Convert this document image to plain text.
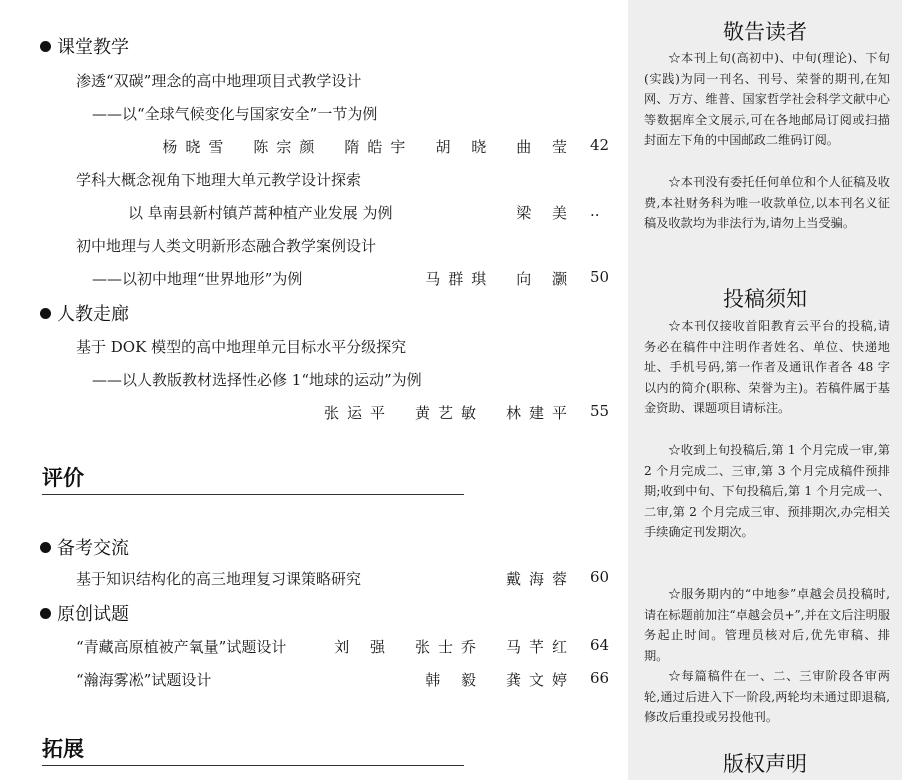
课堂教学
渗透“双碳”理念的高中地理项目式教学设计
——以“全球气候变化与国家安全”一节为例
杨晓雪 陈宗颜 隋皓宇 胡 晓 曲 莹 42
学科大概念视角下地理大单元教学设计探索
以 阜南县新村镇芦蒿种植产业发展 为例	梁 美 ..
初中地理与人类文明新形态融合教学案例设计
——以初中地理“世界地形”为例	马群琪 向 灏 50
人教走廊
基于 DOK 模型的高中地理单元目标水平分级探究
——以人教版教材选择性必修 1“地球的运动”为例
张运平 黄艺敏 林建平 55
评价
备考交流
基于知识结构化的高三地理复习课策略研究	戴海蓉 60
原创试题
“青藏高原植被产氧量”试题设计	刘 强 张士乔 马芊红 64
“瀚海雾凇”试题设计	韩 毅 龚文婷 66
拓展
敬告读者
☆本刊上旬(高初中)、中旬(理论)、下旬(实践)为同一刊名、刊号、荣誉的期刊,在知网、万方、维普、国家哲学社会科学文献中心等数据库全文展示,可在各地邮局订阅或扫描封面左下角的中国邮政二维码订阅。
☆本刊没有委托任何单位和个人征稿及收费,本社财务科为唯一收款单位,以本刊名义征稿及收款均为非法行为,请勿上当受骗。
投稿须知
☆本刊仅接收首阳教育云平台的投稿,请务必在稿件中注明作者姓名、单位、快递地址、手机号码,第一作者及通讯作者各 48 字以内的简介(职称、荣誉为主)。若稿件属于基金资助、课题项目请标注。
☆收到上旬投稿后,第 1 个月完成一审,第 2 个月完成二、三审,第 3 个月完成稿件预排期;收到中旬、下旬投稿后,第 1 个月完成一、二审,第 2 个月完成三审、预排期次,办完相关手续确定刊发期次。
☆服务期内的“中地参”卓越会员投稿时,请在标题前加注“卓越会员+”,并在文后注明服务起止时间。管理员核对后,优先审稿、排期。
☆每篇稿件在一、二、三审阶段各审两轮,通过后进入下一阶段,两轮均未通过即退稿,修改后重投或另投他刊。
版权声明
